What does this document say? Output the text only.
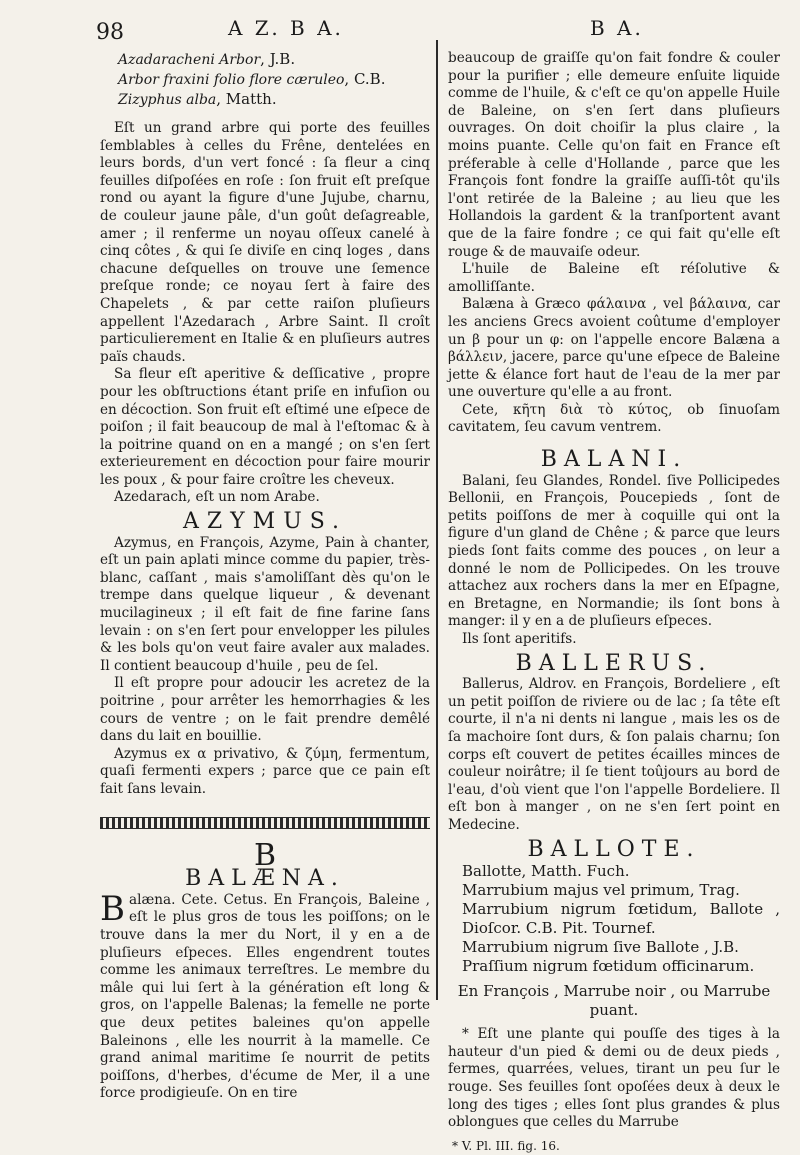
98	A Z. B A.	B A.
Azadaracheni Arbor, J.B.
Arbor fraxini folio flore cæruleo, C.B.
Zizyphus alba, Matth.

Eſt un grand arbre qui porte des feuilles ſemblables à celles du Frêne, dentelées en leurs bords, d'un vert foncé : ſa fleur a cinq feuilles diſpoſées en roſe : ſon fruit eſt preſque rond ou ayant la figure d'une Jujube, charnu, de couleur jaune pâle, d'un goût deſagreable, amer ; il renferme un noyau oſſeux canelé à cinq côtes , & qui ſe diviſe en cinq loges , dans chacune deſquelles on trouve une ſemence preſque ronde; ce noyau ſert à faire des Chapelets , & par cette raiſon pluſieurs appellent l'Azedarach , Arbre Saint. Il croît particulierement en Italie & en pluſieurs autres païs chauds.

Sa fleur eſt aperitive & deſſicative , propre pour les obſtructions étant priſe en infuſion ou en décoction. Son fruit eſt eſtimé une eſpece de poiſon ; il fait beaucoup de mal à l'eſtomac & à la poitrine quand on en a mangé ; on s'en ſert exterieurement en décoction pour faire mourir les poux , & pour faire croître les cheveux.

Azedarach, eſt un nom Arabe.

AZYMUS.

Azymus, en François, Azyme, Pain à chanter, eſt un pain aplati mince comme du papier, très-blanc, caſſant , mais s'amoliſſant dès qu'on le trempe dans quelque liqueur , & devenant mucilagineux ; il eſt fait de fine farine ſans levain : on s'en ſert pour envelopper les pilules & les bols qu'on veut faire avaler aux malades. Il contient beaucoup d'huile , peu de ſel.

Il eſt propre pour adoucir les acretez de la poitrine , pour arrêter les hemorrhagies & les cours de ventre ; on le fait prendre demêlé dans du lait en bouillie.

Azymus ex α privativo, & ζύμη, fermentum, quaſi fermenti expers ; parce que ce pain eſt fait ſans levain.

B
BALÆNA.

Balæna. Cete. Cetus. En François, Baleine , eſt le plus gros de tous les poiſſons; on le trouve dans la mer du Nort, il y en a de pluſieurs eſpeces. Elles engendrent toutes comme les animaux terreſtres. Le membre du mâle qui lui ſert à la génération eſt long & gros, on l'appelle Balenas; la femelle ne porte que deux petites baleines qu'on appelle Baleinons , elle les nourrit à la mamelle. Ce grand animal maritime ſe nourrit de petits poiſſons, d'herbes, d'écume de Mer, il a une force prodigieuſe. On en tire

beaucoup de graiſſe qu'on fait fondre & couler pour la purifier ; elle demeure enſuite liquide comme de l'huile, & c'eſt ce qu'on appelle Huile de Baleine, on s'en ſert dans pluſieurs ouvrages. On doit choiſir la plus claire , la moins puante. Celle qu'on fait en France eſt préferable à celle d'Hollande , parce que les François font fondre la graiſſe auſſi-tôt qu'ils l'ont retirée de la Baleine ; au lieu que les Hollandois la gardent & la tranſportent avant que de la faire fondre ; ce qui fait qu'elle eſt rouge & de mauvaiſe odeur.

L'huile de Baleine eſt réſolutive & amolliſſante.

Balæna à Græco φάλαινα , vel βάλαινα, car les anciens Grecs avoient coûtume d'employer un β pour un φ: on l'appelle encore Balæna a βάλλειν, jacere, parce qu'une eſpece de Baleine jette & élance fort haut de l'eau de la mer par une ouverture qu'elle a au front.

Cete, κῆτη διὰ τὸ κύτος, ob ſinuoſam cavitatem, ſeu cavum ventrem.

BALANI.

Balani, ſeu Glandes, Rondel. ſive Pollicipedes Bellonii, en François, Poucepieds , ſont de petits poiſſons de mer à coquille qui ont la figure d'un gland de Chêne ; & parce que leurs pieds ſont faits comme des pouces , on leur a donné le nom de Pollicipedes. On les trouve attachez aux rochers dans la mer en Eſpagne, en Bretagne, en Normandie; ils ſont bons à manger: il y en a de pluſieurs eſpeces.

Ils ſont aperitifs.

BALLERUS.

Ballerus, Aldrov. en François, Bordeliere , eſt un petit poiſſon de riviere ou de lac ; ſa tête eſt courte, il n'a ni dents ni langue , mais les os de ſa machoire ſont durs, & ſon palais charnu; ſon corps eſt couvert de petites écailles minces de couleur noirâtre; il ſe tient toûjours au bord de l'eau, d'où vient que l'on l'appelle Bordeliere. Il eſt bon à manger , on ne s'en ſert point en Medecine.

BALLOTE.
Ballotte, Matth. Fuch.
Marrubium majus vel primum, Trag.
Marrubium nigrum fœtidum, Ballote , Dioſcor. C.B. Pit. Tournef.
Marrubium nigrum ſive Ballote , J.B.
Praſſium nigrum fœtidum officinarum.
En François , Marrube noir , ou Marrube puant.

* Eſt une plante qui pouſſe des tiges à la hauteur d'un pied & demi ou de deux pieds , fermes, quarrées, velues, tirant un peu ſur le rouge. Ses feuilles ſont opoſées deux à deux le long des tiges ; elles ſont plus grandes & plus oblongues que celles du Marrube

* V. Pl. III. fig. 16.
